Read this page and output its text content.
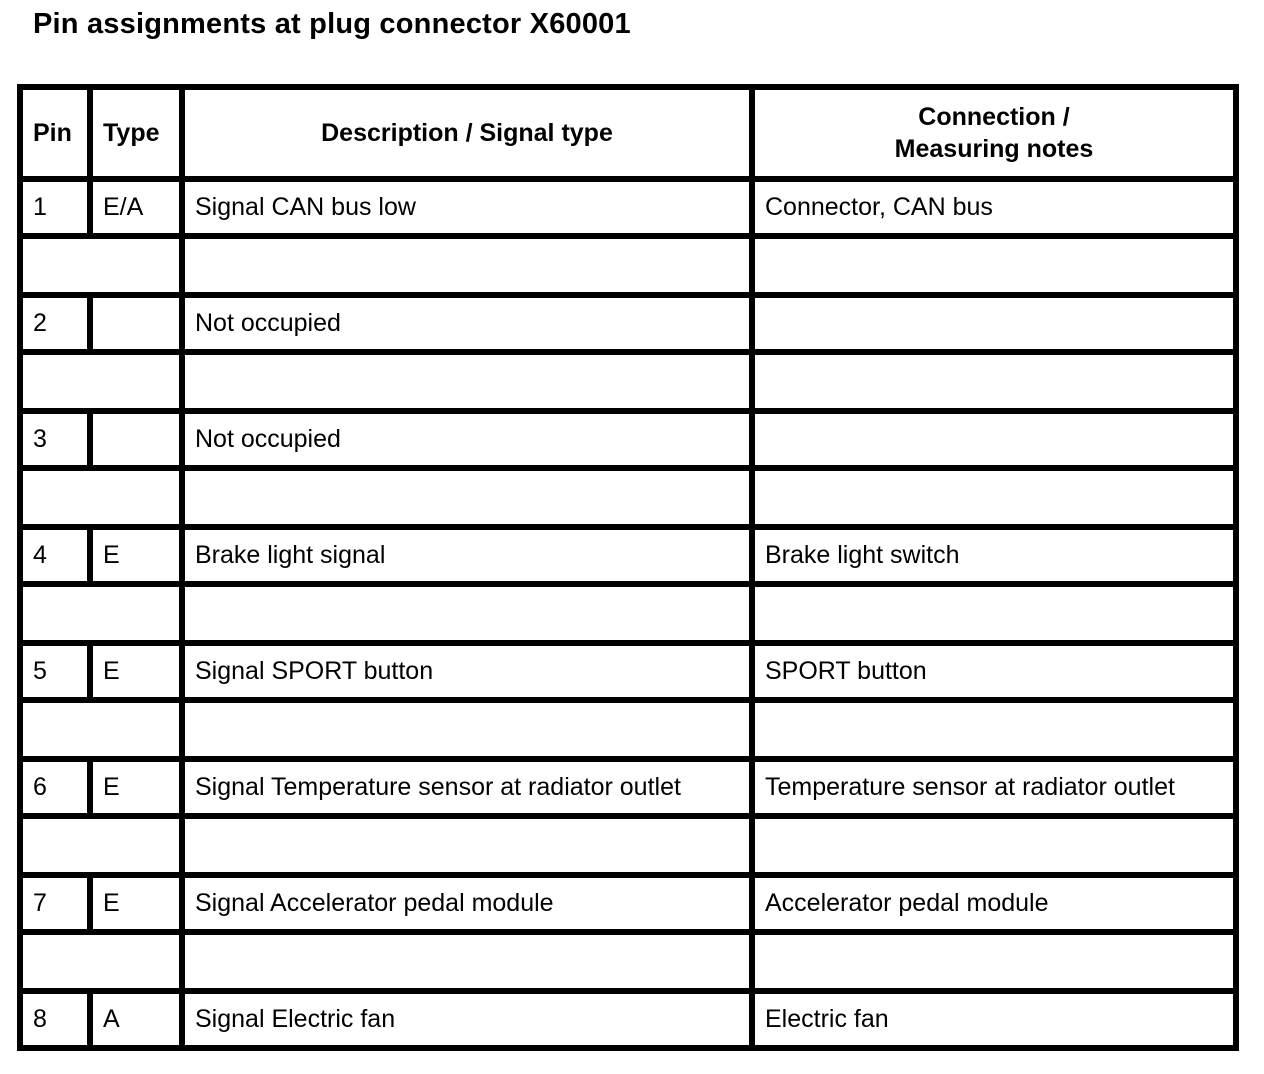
Pin assignments at plug connector X60001
Pin	Type	Description / Signal type	Connection /
Measuring notes
1	E/A	Signal CAN bus low	Connector, CAN bus

2		Not occupied	

3		Not occupied	

4	E	Brake light signal	Brake light switch

5	E	Signal SPORT button	SPORT button

6	E	Signal Temperature sensor at radiator outlet	Temperature sensor at radiator outlet

7	E	Signal Accelerator pedal module	Accelerator pedal module

8	A	Signal Electric fan	Electric fan
